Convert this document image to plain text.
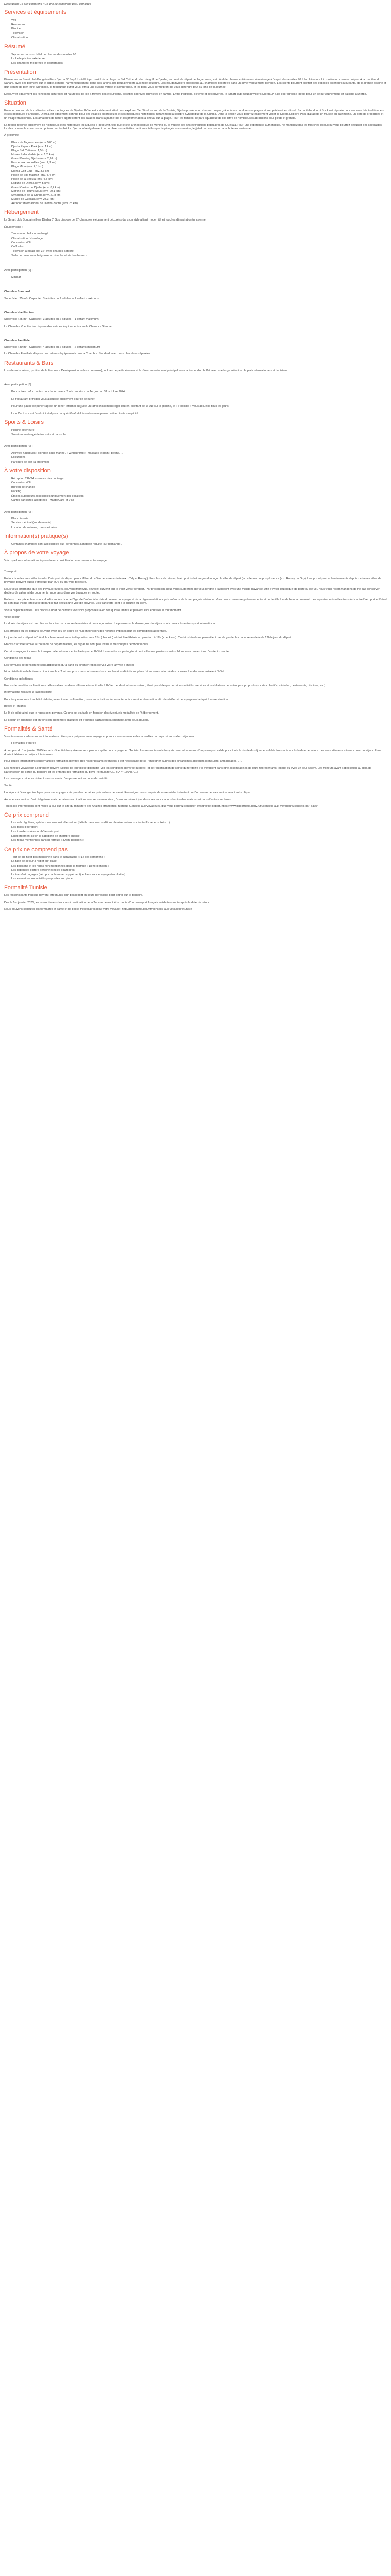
Description Ce prix comprend : Ce prix ne comprend pas Formalités

Services et équipements
• Wifi
• Restaurant
• Piscine
• Télévision
• Climatisation
Résumé
• Séjourner dans un hôtel de charme des années 90
• La belle piscine extérieure
• Les chambres modernes et confortables
Présentation

Bienvenue au Smart club Bougainvilliers Djerba 3* Sup ! Installé à proximité de la plage de Sidi Yati et du club de golf de Djerba, au point de départ de l'agamasse, cet hôtel de charme entièrement réaménagé à l'esprit des années 90 à l'architecture lui confère un charme unique. À la manière du Sahara, avec ses palmiers sur le sable, il marie harmonieusement, dans ses jardins, les bougainvilliers aux mille couleurs. Les Bougainvilliers proposent 111 chambres décorées dans un style typiquement djerbien. Les clients pourront profiter des espaces extérieurs luxuriants, de la grande piscine et d'un centre de bien-être. Sur place, le restaurant buffet vous offrira une cuisine variée et savoureuse, et les bars vous permettront de vous détendre tout au long de la journée.

Découvrez également les richesses culturelles et naturelles de l'île à travers des excursions, activités sportives ou visites en famille. Entre traditions, détente et découvertes, le Smart club Bougainvilliers Djerba 3* Sup est l'adresse idéale pour un séjour authentique et paisible à Djerba.

Situation

Entre le berceau de la civilisation et les montagnes de Djerba, l'hôtel est idéalement situé pour explorer l'île. Situé au sud de la Tunisie, Djerba possède un charme unique grâce à ses nombreuses plages et son patrimoine culturel. Sa capitale Houmt Souk est réputée pour ses marchés traditionnels et ses boutiques d'artisanat. Djerba est également connue pour ses villages pittoresques et ses mosquées historiques, notamment la célèbre Synagogue de la Ghriba. Dans la région vous pourrez également visiter le Djerba Explore Park, qui abrite un musée du patrimoine, un parc de crocodiles et un village traditionnel. Les amateurs de nature apprécieront les balades dans la palmeraie et les promenades à cheval sur la plage. Pour les familles, le parc aquatique de l'île offre de nombreuses attractions pour petits et grands.

La région regorge également de nombreux sites historiques et culturels à découvrir, tels que le site archéologique de Meninx ou le musée des arts et traditions populaires de Guellala. Pour une expérience authentique, ne manquez pas les marchés locaux où vous pourrez déguster des spécialités locales comme le couscous au poisson ou les bricks. Djerba offre également de nombreuses activités nautiques telles que la plongée sous-marine, le jet-ski ou encore le parachute ascensionnel.

À proximité :

• Phare de Taguermess (env. 500 m)
• Djerba Explore Park (env. 1 km)
• Plage Sidi Yati (env. 1,5 km)
• Musée Lalla Hadria (env. 1,2 km)
• Grand Bowling Djerba (env. 2,6 km)
• Ferme aux crocodiles (env. 1,3 km)
• Plage Mida (env. 2,1 km)
• Djerba Golf Club (env. 3,3 km)
• Plage de Sidi Mahrez (env. 4,4 km)
• Plage de la Seguia (env. 4,8 km)
• Lagune de Djerba (env. 5 km)
• Grand Casino de Djerba (env. 8,2 km)
• Marché de Houmt Souk (env. 20,1 km)
• Synagogue de la Ghriba (env. 21,8 km)
• Musée de Guellala (env. 23,3 km)
• Aéroport International de Djerba-Zarzis (env. 25 km)
Hébergement

Le Smart club Bougainvilliers Djerba 3* Sup dispose de 97 chambres élégamment décorées dans un style alliant modernité et touches d'inspiration tunisienne.

Équipements :

• Terrasse ou balcon aménagé
• Climatisation / chauffage
• Connexion Wifi
• Coffre-fort
• Télévision à écran plat 32" avec chaînes satellite
• Salle de bains avec baignoire ou douche et sèche-cheveux

Avec participation (€) :

• Minibar

Chambre Standard

Superficie : 25 m² - Capacité : 3 adultes ou 2 adultes + 1 enfant maximum

Chambre Vue Piscine

Superficie : 25 m² - Capacité : 3 adultes ou 2 adultes + 1 enfant maximum

La Chambre Vue Piscine dispose des mêmes équipements que la Chambre Standard.

Chambre Familiale

Superficie : 30 m² - Capacité : 4 adultes ou 2 adultes + 2 enfants maximum

La Chambre Familiale dispose des mêmes équipements que la Chambre Standard avec deux chambres séparées.

Restaurants & Bars

Lors de votre séjour, profitez de la formule « Demi-pension » (hors boissons), incluant le petit-déjeuner et le dîner au restaurant principal sous la forme d'un buffet avec une large sélection de plats internationaux et tunisiens.

Avec participation (€) :

• Pour votre confort, optez pour la formule « Tout compris » du 1er juin au 31 octobre 2024.
• Le restaurant principal vous accueille également pour le déjeuner.
• Pour une pause déjeuner rapide, un dîner informel ou juste un rafraîchissement léger tout en profitant de la vue sur la piscine, le « Poolside » vous accueille tous les jours.
• Le « Cactus » est l'endroit idéal pour un apéritif rafraîchissant ou une pause café en toute simplicité.
Sports & Loisirs
• Piscine extérieure
• Solarium aménagé de transats et parasols

Avec participation (€) :

• Activités nautiques : plongée sous-marine, « windsurfing » (massage et bain), pêche, ...
• Excursions
• Parcours de golf (à proximité)
À votre disposition
• Réception 24h/24 – service de concierge
• Connexion Wifi
• Bureau de change
• Parking
• Étages supérieurs accessibles uniquement par escaliers
• Cartes bancaires acceptées : MasterCard et Visa

Avec participation (€) :

• Blanchisserie
• Service médical (sur demande)
• Location de voitures, motos et vélos
Information(s) pratique(s)
• Certaines chambres sont accessibles aux personnes à mobilité réduite (sur demande).
À propos de votre voyage

Voici quelques informations à prendre en considération concernant votre voyage.

Transport

En fonction des vols sélectionnés, l'aéroport de départ peut différer du vôtre de votre arrivée (ex : Orly et Roissy). Pour les vols retours, l'aéroport inclut au grand tronçon la ville de départ (arrivée au compris plusieurs (ex : Roissy ou Orly). Les prix et post acheminements depuis certaines villes de province peuvent aussi s'effectuer par TGV ou par voie terrestre.

Nous vous informons que des travaux routiers, souvent imprévus, peuvent survenir sur le trajet vers l'aéroport. Par précaution, nous vous suggérons de vous rendre à l'aéroport avec une marge d'avance. Afin d'éviter tout risque de perte ou de vol, nous vous recommandons de ne pas conserver d'objets de valeur ni de documents importants dans vos bagages en soute.

Enfants : Les prix enfant sont calculés en fonction de l'âge de l'enfant à la date du retour du voyage et de la réglementation « prix enfant » de la compagnie aérienne. Vous devrez en outre présenter le livret de famille lors de l'embarquement. Les rapatriements et les transferts entre l'aéroport et l'hôtel ne sont pas inclus lorsque le départ se fait depuis une ville de province. Les transferts sont à la charge du client.

Vols à capacité limitée : les places à bord de certains vols sont proposées avec des quotas limités et peuvent être épuisées à tout moment.

Votre séjour

La durée du séjour est calculée en fonction du nombre de nuitées et non de journées. Le premier et le dernier jour du séjour sont consacrés au transport international.

Les arrivées ou les départs peuvent avoir lieu en cours de nuit en fonction des horaires imposés par les compagnies aériennes.

Le jour de votre départ à l'hôtel, la chambre est mise à disposition vers 15h (check-in) et doit être libérée au plus tard à 12h (check-out). Certains hôtels ne permettent pas de garder la chambre au-delà de 12h le jour du départ.

En cas d'arrivée tardive à l'hôtel ou de départ matinal, les repas ne sont pas inclus et ne sont pas remboursables.

Certains voyages incluent le transport aller et retour entre l'aéroport et l'hôtel. La navette est partagée et peut effectuer plusieurs arrêts. Nous vous remercions d'en tenir compte.

Conditions des repas

Les formules de pension ne sont appliquées qu'à partir du premier repas servi à votre arrivée à l'hôtel.

Ni la distribution de boissons ni la formule « Tout compris » ne sont servies hors des horaires définis sur place. Vous serez informé des horaires lors de votre arrivée à l'hôtel.

Conditions spécifiques

En cas de conditions climatiques défavorables ou d'une affluence inhabituelle à l'hôtel pendant la basse saison, il est possible que certaines activités, services et installations ne soient pas proposés (sports collectifs, mini-club, restaurants, piscines, etc.).

Informations relatives à l'accessibilité

Pour les personnes à mobilité réduite, avant toute confirmation, nous vous invitons à contacter notre service réservation afin de vérifier si ce voyage est adapté à votre situation.

Bébés et enfants

Le lit de bébé ainsi que le repas sont payants. Ce prix est variable en fonction des éventuels modalités de l'hébergement.

Le séjour en chambre est en fonction du nombre d'adultes et d'enfants partageant la chambre avec deux adultes.

Formalités & Santé

Vous trouverez ci-dessous les informations utiles pour préparer votre voyage et prendre connaissance des actualités du pays où vous allez séjourner.

• Formalités d'entrée

À compter du 1er janvier 2025 le carte d'identité française ne sera plus acceptée pour voyager en Tunisie. Les ressortissants français devront se munir d'un passeport valide pour toute la durée du séjour et valable trois mois après la date de retour. Les ressortissants mineurs pour un séjour d'une durée inférieure au séjour à trois mois.

Pour toutes informations concernant les formalités d'entrée des ressortissants étrangers, il est nécessaire de se renseigner auprès des organismes adéquats (consulats, ambassades, ...).

Les mineurs voyageant à l'étranger doivent justifier de leur pièce d'identité (voir les conditions d'entrée du pays) et de l'autorisation de sortie du territoire s'ils voyagent sans être accompagnés de leurs représentants légaux ou avec un seul parent. Les mineurs ayant l'application au-delà de l'autorisation de sortie du territoire et les enfants des formalités du pays (formulaire CERFA n° 15646*01).

Les passagers mineurs doivent tous se munir d'un passeport en cours de validité.

Santé

Un séjour à l'étranger implique pour tout voyageur de prendre certaines précautions de santé. Renseignez-vous auprès de votre médecin traitant ou d'un centre de vaccination avant votre départ.

Aucune vaccination n'est obligatoire mais certaines vaccinations sont recommandées ; l'assureur rétro à jour dans ses vaccinations habituelles mais aussi dans d'autres secteurs.

Toutes les informations sont mises à jour sur le site du ministère des Affaires étrangères, rubrique Conseils aux voyageurs, que vous pouvez consulter avant votre départ. https://www.diplomatie.gouv.fr/fr/conseils-aux-voyageurs/conseils-par-pays/

Ce prix comprend
• Les vols réguliers, spéciaux ou low-cost aller-retour (détails dans les conditions de réservation, sur les tarifs aériens fixés ...)
• Les taxes d'aéroport
• Les transferts aéroport-hôtel-aéroport
• L'hébergement selon la catégorie de chambre choisie
• Les repas mentionnés dans la formule « Demi-pension »
Ce prix ne comprend pas
• Tout ce qui n'est pas mentionné dans le paragraphe « Le prix comprend »
• La taxe de séjour à régler sur place
• Les boissons et les repas non mentionnés dans la formule « Demi-pension »
• Les dépenses d'ordre personnel et les pourboires
• Le transfert bagages (aéroport à éventuel supplément) et l'assurance voyage (facultative)
• Les excursions ou activités proposées sur place
Formalité Tunisie

Les ressortissants français devront être munis d'un passeport en cours de validité pour entrer sur le territoire.

Dès le 1er janvier 2025, les ressortissants français à destination de la Tunisie devront être munis d'un passeport français valide trois mois après la date de retour.

Nous pouvons consulter les formalités et santé et de police nécessaires pour votre voyage : http://diplomatie.gouv.fr/conseils-aux-voyageurs/tunisie
